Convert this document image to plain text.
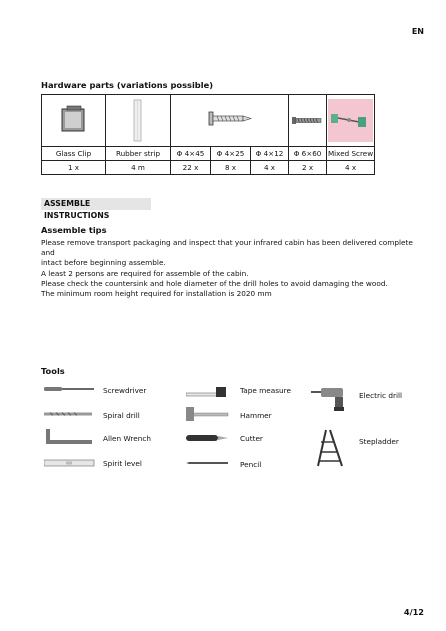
EN
Hardware parts (variations possible)

Glass Clip	Rubber strip	Φ 4×45	Φ 4×25	Φ 4×12	Φ 6×60	Mixed Screw
1 x	4 m	22 x	8 x	4 x	2 x	4 x
ASSEMBLE INSTRUCTIONS
Assemble tips
Please remove transport packaging and inspect that your infrared cabin has been delivered complete and
intact before beginning assemble.
A least 2 persons are required for assemble of the cabin.
Please check the countersink and hole diameter of the drill holes to avoid damaging the wood.
The minimum room height required for installation is 2020 mm
Tools
Screwdriver	Tape measure
Electric drill
Spiral drill	Hammer
Allen Wrench	Cutter	Stepladder
Spirit level	Pencil
4/12
